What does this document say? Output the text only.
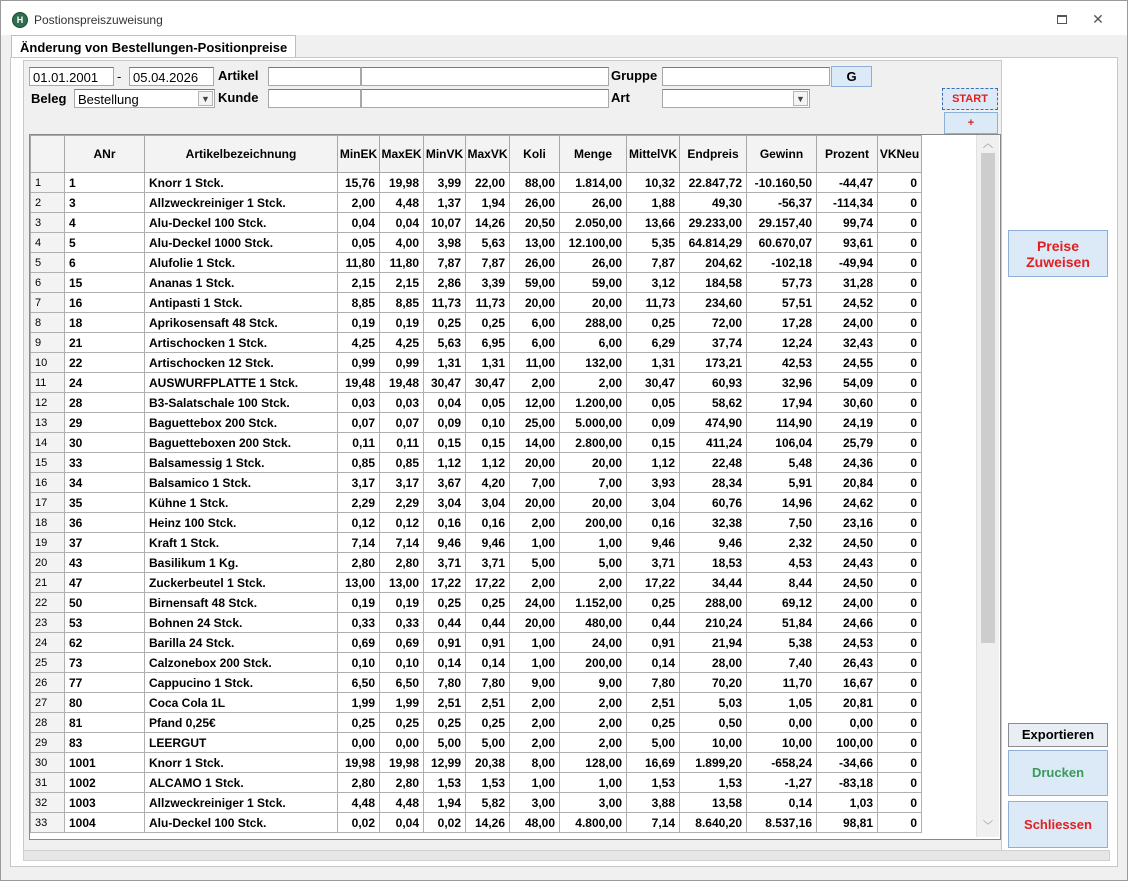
H Postionspreiszuweisung	✕
Änderung von Bestellungen-Positionpreise
01.01.2001	- 05.04.2026	Artikel	Gruppe	G
Beleg Bestellung	▼ Kunde	Art	▼	START
+
	ANr	Artikelbezeichnung	MinEK	MaxEK	MinVK	MaxVK	Koli	Menge	MittelVK	Endpreis	Gewinn	Prozent	VKNeu
1	1	Knorr 1 Stck.	15,76	19,98	3,99	22,00	88,00	1.814,00	10,32	22.847,72	-10.160,50	-44,47	0
2	3	Allzweckreiniger 1 Stck.	2,00	4,48	1,37	1,94	26,00	26,00	1,88	49,30	-56,37	-114,34	0
3	4	Alu-Deckel 100 Stck.	0,04	0,04	10,07	14,26	20,50	2.050,00	13,66	29.233,00	29.157,40	99,74	0
4	5	Alu-Deckel 1000 Stck.	0,05	4,00	3,98	5,63	13,00	12.100,00	5,35	64.814,29	60.670,07	93,61	0
5	6	Alufolie 1 Stck.	11,80	11,80	7,87	7,87	26,00	26,00	7,87	204,62	-102,18	-49,94	0
6	15	Ananas 1 Stck.	2,15	2,15	2,86	3,39	59,00	59,00	3,12	184,58	57,73	31,28	0
7	16	Antipasti 1 Stck.	8,85	8,85	11,73	11,73	20,00	20,00	11,73	234,60	57,51	24,52	0
8	18	Aprikosensaft 48 Stck.	0,19	0,19	0,25	0,25	6,00	288,00	0,25	72,00	17,28	24,00	0
9	21	Artischocken 1 Stck.	4,25	4,25	5,63	6,95	6,00	6,00	6,29	37,74	12,24	32,43	0
10	22	Artischocken 12 Stck.	0,99	0,99	1,31	1,31	11,00	132,00	1,31	173,21	42,53	24,55	0
11	24	AUSWURFPLATTE 1 Stck.	19,48	19,48	30,47	30,47	2,00	2,00	30,47	60,93	32,96	54,09	0
12	28	B3-Salatschale 100 Stck.	0,03	0,03	0,04	0,05	12,00	1.200,00	0,05	58,62	17,94	30,60	0
13	29	Baguettebox 200 Stck.	0,07	0,07	0,09	0,10	25,00	5.000,00	0,09	474,90	114,90	24,19	0
14	30	Baguetteboxen 200 Stck.	0,11	0,11	0,15	0,15	14,00	2.800,00	0,15	411,24	106,04	25,79	0
15	33	Balsamessig 1 Stck.	0,85	0,85	1,12	1,12	20,00	20,00	1,12	22,48	5,48	24,36	0
16	34	Balsamico 1 Stck.	3,17	3,17	3,67	4,20	7,00	7,00	3,93	28,34	5,91	20,84	0
17	35	Kühne 1 Stck.	2,29	2,29	3,04	3,04	20,00	20,00	3,04	60,76	14,96	24,62	0
18	36	Heinz 100 Stck.	0,12	0,12	0,16	0,16	2,00	200,00	0,16	32,38	7,50	23,16	0
19	37	Kraft 1 Stck.	7,14	7,14	9,46	9,46	1,00	1,00	9,46	9,46	2,32	24,50	0
20	43	Basilikum 1 Kg.	2,80	2,80	3,71	3,71	5,00	5,00	3,71	18,53	4,53	24,43	0
21	47	Zuckerbeutel 1 Stck.	13,00	13,00	17,22	17,22	2,00	2,00	17,22	34,44	8,44	24,50	0
22	50	Birnensaft 48 Stck.	0,19	0,19	0,25	0,25	24,00	1.152,00	0,25	288,00	69,12	24,00	0
23	53	Bohnen 24 Stck.	0,33	0,33	0,44	0,44	20,00	480,00	0,44	210,24	51,84	24,66	0
24	62	Barilla 24 Stck.	0,69	0,69	0,91	0,91	1,00	24,00	0,91	21,94	5,38	24,53	0
25	73	Calzonebox 200 Stck.	0,10	0,10	0,14	0,14	1,00	200,00	0,14	28,00	7,40	26,43	0
26	77	Cappucino 1 Stck.	6,50	6,50	7,80	7,80	9,00	9,00	7,80	70,20	11,70	16,67	0
27	80	Coca Cola 1L	1,99	1,99	2,51	2,51	2,00	2,00	2,51	5,03	1,05	20,81	0
28	81	Pfand 0,25€	0,25	0,25	0,25	0,25	2,00	2,00	0,25	0,50	0,00	0,00	0
29	83	LEERGUT	0,00	0,00	5,00	5,00	2,00	2,00	5,00	10,00	10,00	100,00	0
30	1001	Knorr 1 Stck.	19,98	19,98	12,99	20,38	8,00	128,00	16,69	1.899,20	-658,24	-34,66	0
31	1002	ALCAMO 1 Stck.	2,80	2,80	1,53	1,53	1,00	1,00	1,53	1,53	-1,27	-83,18	0
32	1003	Allzweckreiniger 1 Stck.	4,48	4,48	1,94	5,82	3,00	3,00	3,88	13,58	0,14	1,03	0
33	1004	Alu-Deckel 100 Stck.	0,02	0,04	0,02	14,26	48,00	4.800,00	7,14	8.640,20	8.537,16	98,81	0
︿
﹀
Preise Zuweisen
Exportieren
Drucken
Schliessen
